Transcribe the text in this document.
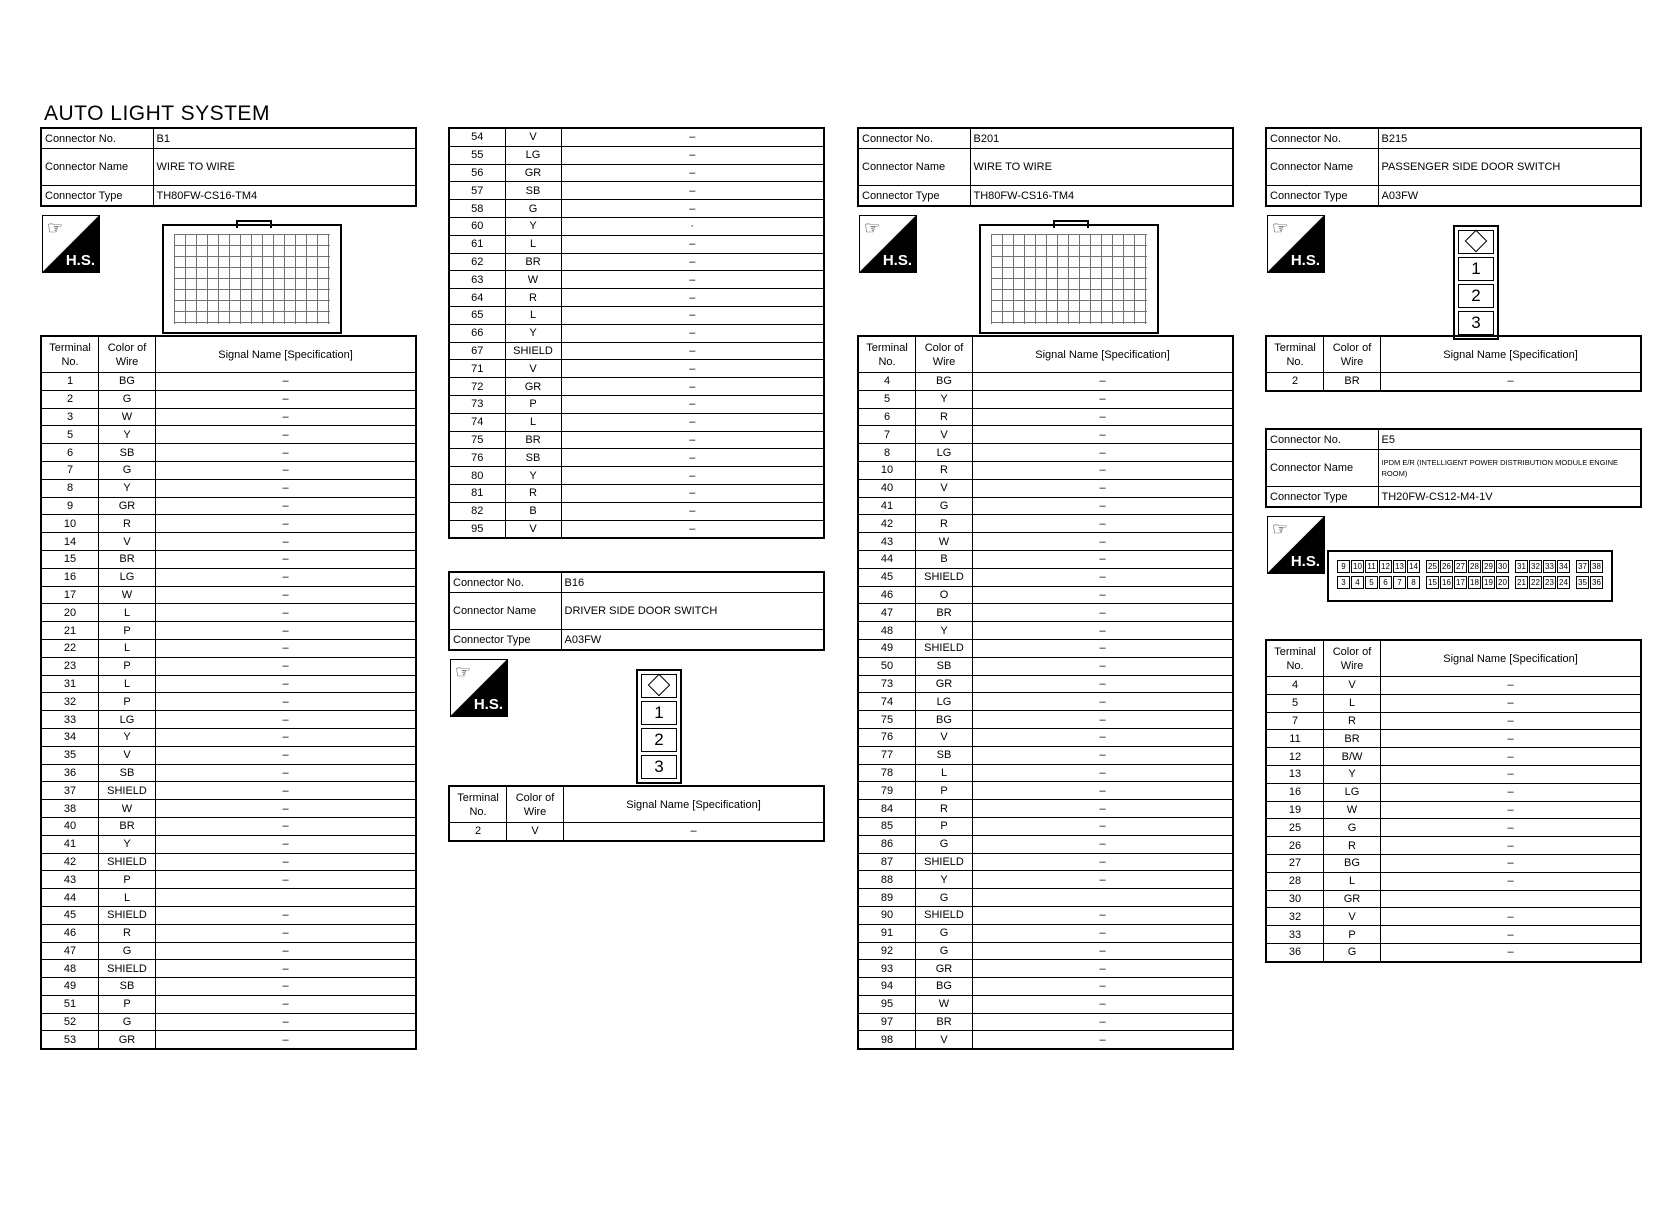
AUTO LIGHT SYSTEM
Connector No.	B1
Connector Name	WIRE TO WIRE
Connector Type	TH80FW-CS16-TM4
☞
H.S.
Terminal No.	Color of Wire	Signal Name [Specification]
1	BG	–
2	G	–
3	W	–
5	Y	–
6	SB	–
7	G	–
8	Y	–
9	GR	–
10	R	–
14	V	–
15	BR	–
16	LG	–
17	W	–
20	L	–
21	P	–
22	L	–
23	P	–
31	L	–
32	P	–
33	LG	–
34	Y	–
35	V	–
36	SB	–
37	SHIELD	–
38	W	–
40	BR	–
41	Y	–
42	SHIELD	–
43	P	–
44	L	
45	SHIELD	–
46	R	–
47	G	–
48	SHIELD	–
49	SB	–
51	P	–
52	G	–
53	GR	–
54	V	–
55	LG	–
56	GR	–
57	SB	–
58	G	–
60	Y	·
61	L	–
62	BR	–
63	W	–
64	R	–
65	L	–
66	Y	–
67	SHIELD	–
71	V	–
72	GR	–
73	P	–
74	L	–
75	BR	–
76	SB	–
80	Y	–
81	R	–
82	B	–
95	V	–
Connector No.	B16
Connector Name	DRIVER SIDE DOOR SWITCH
Connector Type	A03FW
☞
H.S.	1
2
3
Terminal No.	Color of Wire	Signal Name [Specification]
2	V	–
Connector No.	B201
Connector Name	WIRE TO WIRE
Connector Type	TH80FW-CS16-TM4
☞
H.S.
Terminal No.	Color of Wire	Signal Name [Specification]
4	BG	–
5	Y	–
6	R	–
7	V	–
8	LG	–
10	R	–
40	V	–
41	G	–
42	R	–
43	W	–
44	B	–
45	SHIELD	–
46	O	–
47	BR	–
48	Y	–
49	SHIELD	–
50	SB	–
73	GR	–
74	LG	–
75	BG	–
76	V	–
77	SB	–
78	L	–
79	P	–
84	R	–
85	P	–
86	G	–
87	SHIELD	–
88	Y	–
89	G	
90	SHIELD	–
91	G	–
92	G	–
93	GR	–
94	BG	–
95	W	–
97	BR	–
98	V	–
Connector No.	B215
Connector Name	PASSENGER SIDE DOOR SWITCH
Connector Type	A03FW
☞
H.S.	1
2
3
Terminal No.	Color of Wire	Signal Name [Specification]
2	BR	–
Connector No.	E5
Connector Name	IPDM E/R (INTELLIGENT POWER DISTRIBUTION MODULE ENGINE ROOM)
Connector Type	TH20FW-CS12-M4-1V
☞
H.S.	9 10 11 12 13 14 25 26 27 28 29 30 31 32 33 34 37 38
3 4 5 6 7 8 15 16 17 18 19 20 21 22 23 24 35 36
Terminal No.	Color of Wire	Signal Name [Specification]
4	V	–
5	L	–
7	R	–
11	BR	–
12	B/W	–
13	Y	–
16	LG	–
19	W	–
25	G	–
26	R	–
27	BG	–
28	L	–
30	GR	
32	V	–
33	P	–
36	G	–
